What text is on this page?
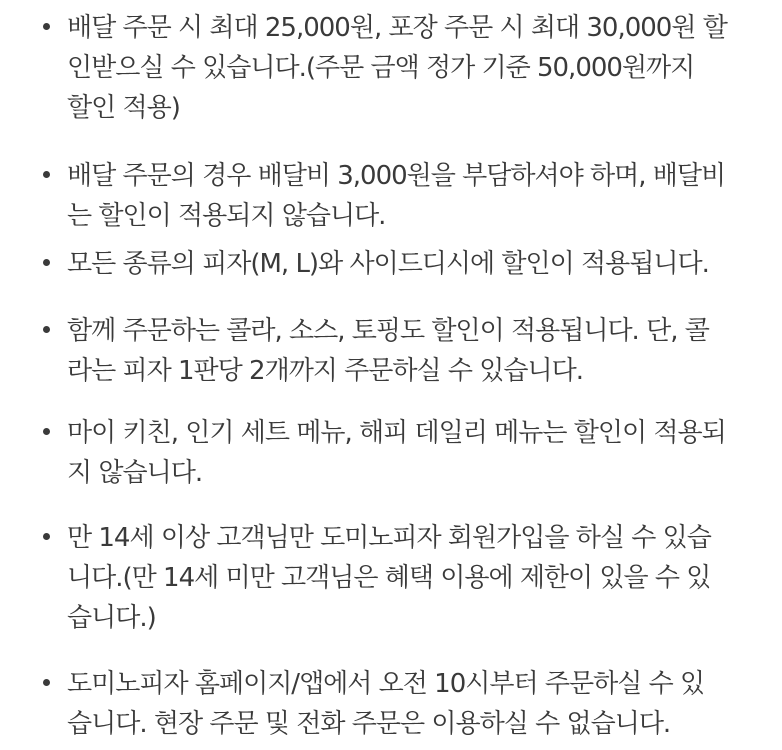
배달 주문 시 최대 25,000원, 포장 주문 시 최대 30,000원 할
인받으실 수 있습니다.(주문 금액 정가 기준 50,000원까지
할인 적용)

배달 주문의 경우 배달비 3,000원을 부담하셔야 하며, 배달비
는 할인이 적용되지 않습니다.

모든 종류의 피자(M, L)와 사이드디시에 할인이 적용됩니다.

함께 주문하는 콜라, 소스, 토핑도 할인이 적용됩니다. 단, 콜
라는 피자 1판당 2개까지 주문하실 수 있습니다.

마이 키친, 인기 세트 메뉴, 해피 데일리 메뉴는 할인이 적용되
지 않습니다.

만 14세 이상 고객님만 도미노피자 회원가입을 하실 수 있습
니다.(만 14세 미만 고객님은 혜택 이용에 제한이 있을 수 있
습니다.)

도미노피자 홈페이지/앱에서 오전 10시부터 주문하실 수 있
습니다. 현장 주문 및 전화 주문은 이용하실 수 없습니다.
